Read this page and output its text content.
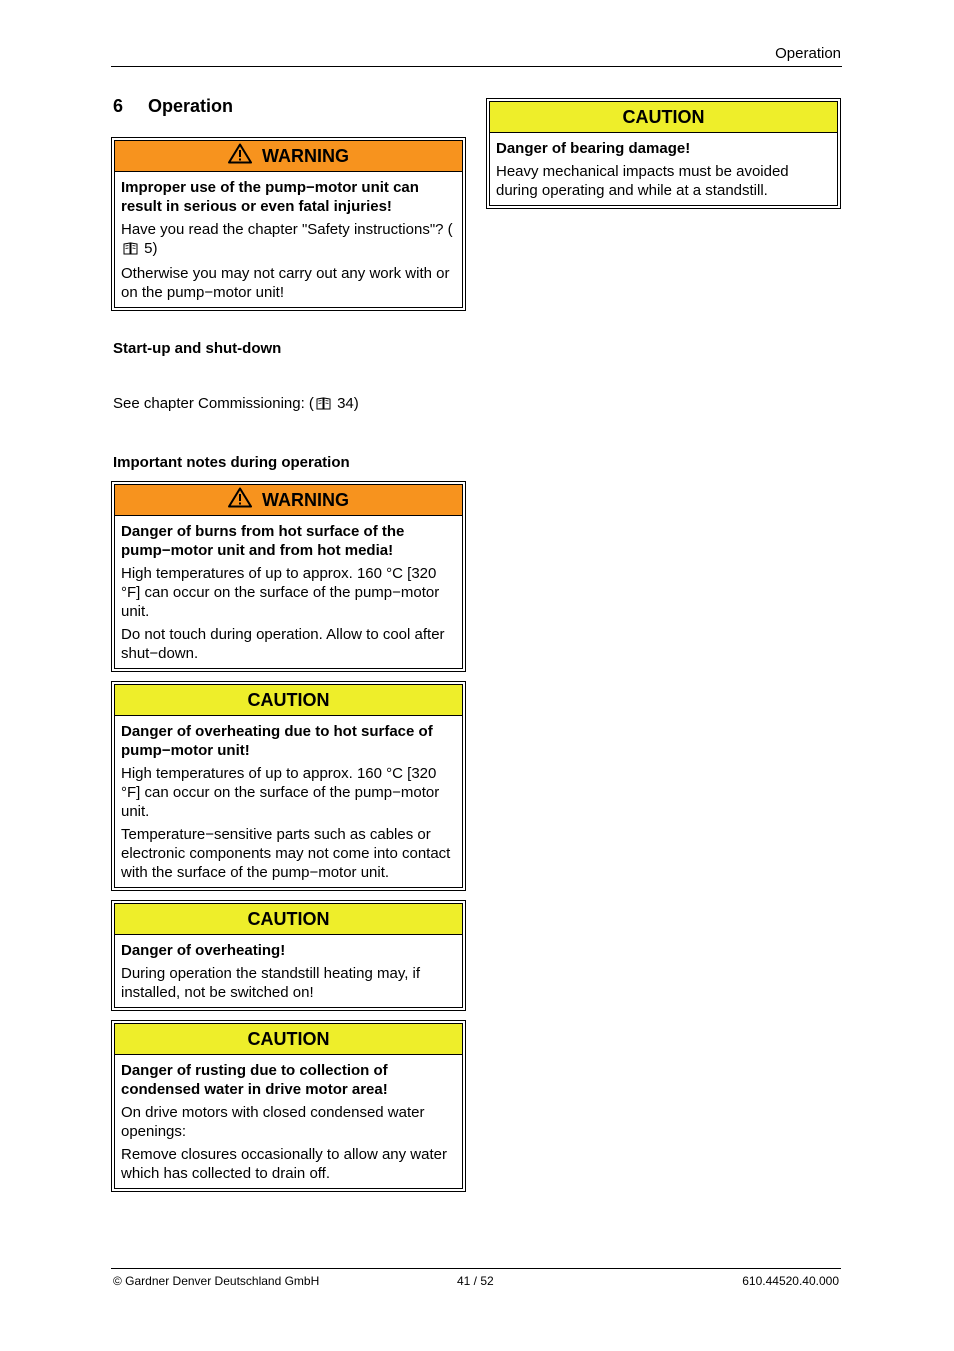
Operation
6	Operation
WARNING

Improper use of the pump−motor unit can result in serious or even fatal injuries!

Have you read the chapter "Safety instructions"? ( 5)

Otherwise you may not carry out any work with or on the pump−motor unit!

Start-up and shut-down
See chapter Commissioning: ( 34)
Important notes during operation
WARNING

Danger of burns from hot surface of the pump−motor unit and from hot media!

High temperatures of up to approx. 160 °C [320 °F] can occur on the surface of the pump−motor unit.

Do not touch during operation. Allow to cool after shut−down.

CAUTION

Danger of overheating due to hot surface of pump−motor unit!

High temperatures of up to approx. 160 °C [320 °F] can occur on the surface of the pump−motor unit.

Temperature−sensitive parts such as cables or electronic components may not come into contact with the surface of the pump−motor unit.

CAUTION

Danger of overheating!

During operation the standstill heating may, if installed, not be switched on!

CAUTION

Danger of rusting due to collection of condensed water in drive motor area!

On drive motors with closed condensed water openings:

Remove closures occasionally to allow any water which has collected to drain off.

CAUTION

Danger of bearing damage!

Heavy mechanical impacts must be avoided during operating and while at a standstill.

© Gardner Denver Deutschland GmbH	41 / 52	610.44520.40.000
